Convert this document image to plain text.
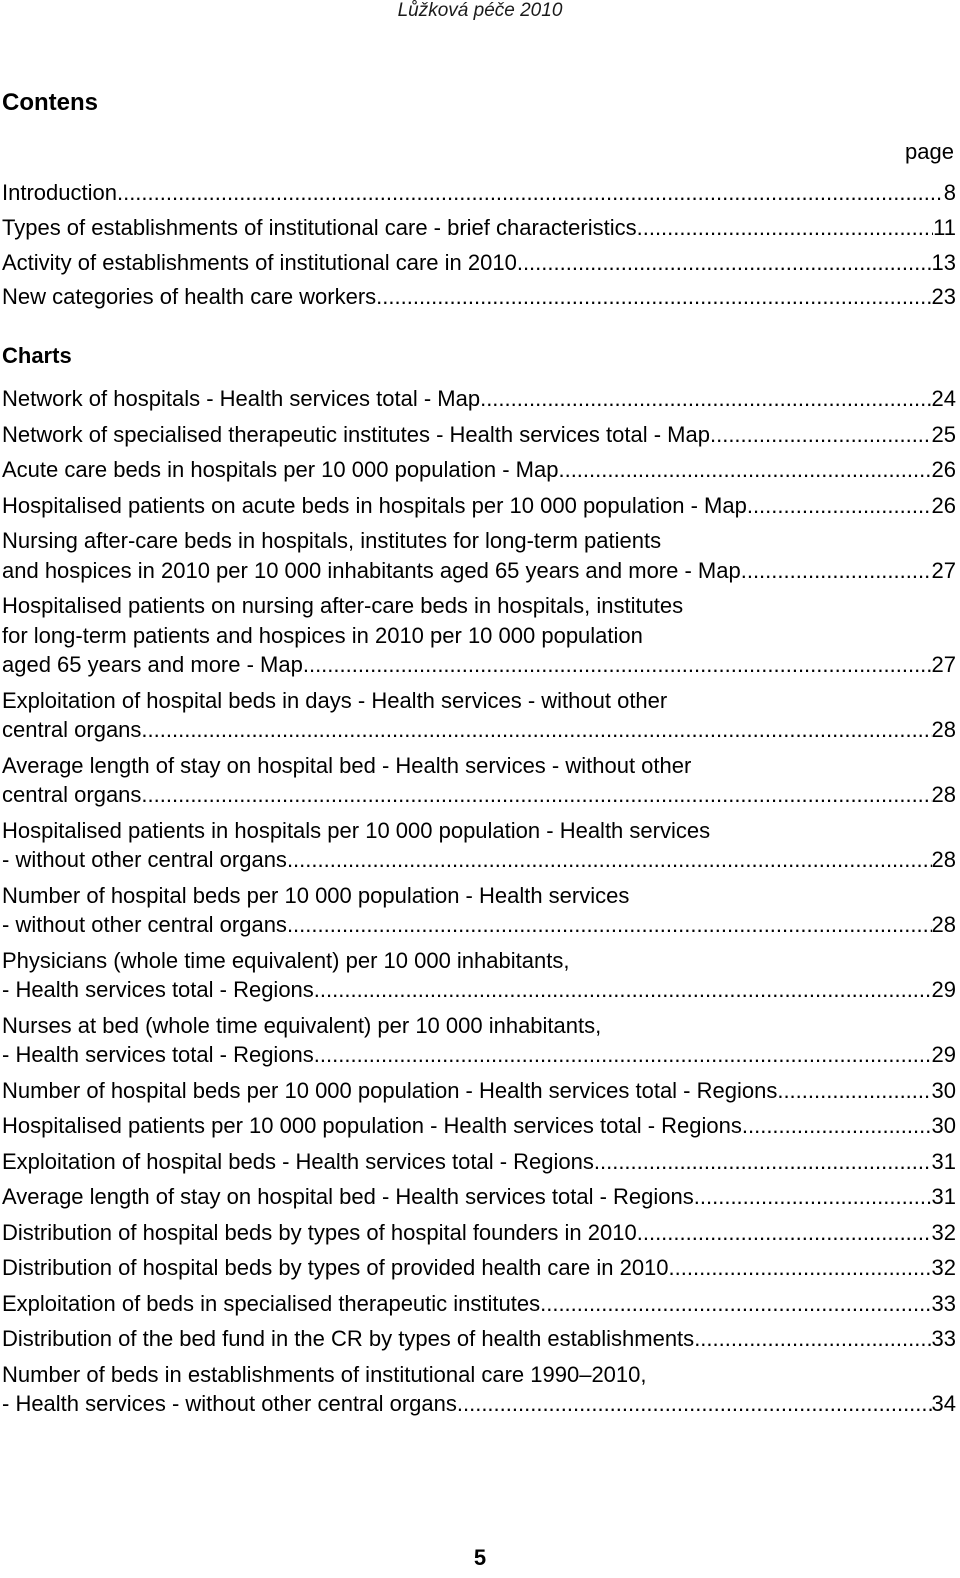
Lůžková péče 2010
Contens
page
Introduction .....	8
Types of establishments of institutional care - brief characteristics .....	11
Activity of establishments of institutional care in 2010 .....	13
New categories of health care workers .....	23
Charts
Network of hospitals - Health services total - Map .....	24
Network of specialised therapeutic institutes - Health services total - Map .....	25
Acute care beds in hospitals per 10 000 population - Map .....	26
Hospitalised patients on acute beds in hospitals per 10 000 population - Map .....	26
Nursing after-care beds in hospitals, institutes for long-term patients
and hospices in 2010 per 10 000 inhabitants aged 65 years and more - Map .....	27
Hospitalised patients on nursing after-care beds in hospitals, institutes
for long-term patients and hospices in 2010 per 10 000 population
aged 65 years and more - Map .....	27
Exploitation of hospital beds in days - Health services - without other
central organs .....	28
Average length of stay on hospital bed - Health services - without other
central organs .....	28
Hospitalised patients in hospitals per 10 000 population - Health services
- without other central organs .....	28
Number of hospital beds per 10 000 population - Health services
- without other central organs .....	28
Physicians (whole time equivalent) per 10 000 inhabitants,
- Health services total - Regions .....	29
Nurses at bed (whole time equivalent) per 10 000 inhabitants,
- Health services total - Regions .....	29
Number of hospital beds per 10 000 population - Health services total - Regions .....	30
Hospitalised patients per 10 000 population - Health services total - Regions .....	30
Exploitation of hospital beds - Health services total - Regions .....	31
Average length of stay on hospital bed - Health services total - Regions .....	31
Distribution of hospital beds by types of hospital founders in 2010 .....	32
Distribution of hospital beds by types of provided health care in 2010 .....	32
Exploitation of beds in specialised therapeutic institutes .....	33
Distribution of the bed fund in the CR by types of health establishments .....	33
Number of beds in establishments of institutional care 1990–2010,
- Health services - without other central organs .....	34
5
